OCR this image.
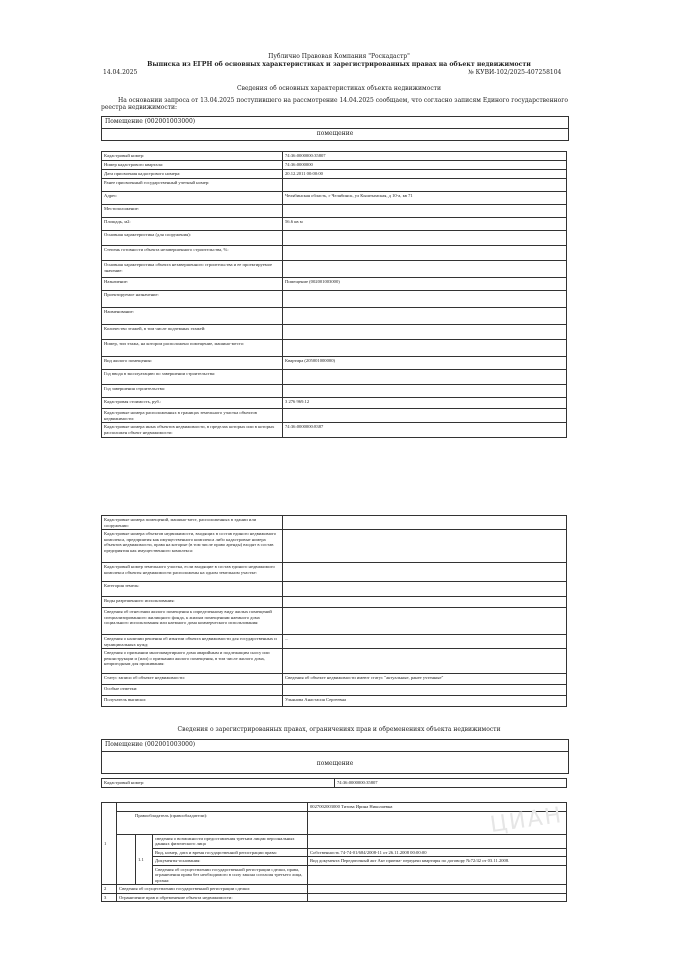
Публично Правовая Компания "Роскадастр"
Выписка из ЕГРН об основных характеристиках и зарегистрированных правах на объект недвижимости
14.04.2025	№ КУВИ-102/2025-407258104
Сведения об основных характеристиках объекта недвижимости
На основании запроса от 13.04.2025 поступившего на рассмотрение 14.04.2025 сообщаем, что согласно записям Единого государственного
реестра недвижимости:
Помещение (002001003000)
помещение
Кадастровый номер:	74:36:0000000:35807
Номер кадастрового квартала:	74:36:0000000
Дата присвоения кадастрового номера:	20.12.2011 00:00:00
Ранее присвоенный государственный учетный номер:	
Адрес:	Челябинская область, г Челябинск, ул Кыштымская, д 10-а, кв 71
Местоположение:	
Площадь, м2:	56.6 кв м
Основная характеристика (для сооружения):	
Степень готовности объекта незавершенного строительства, %:	
Основная характеристика объекта незавершенного строительства и ее проектируемое значение:	
Назначение:	Помещение (002001003000)
Проектируемое назначение:	
Наименование:	
Количество этажей, в том числе подземных этажей:	
Номер, тип этажа, на котором расположено помещение, машино-место:	
Вид жилого помещения:	Квартира (205001000000)
Год ввода в эксплуатацию по завершении строительства:	
Год завершения строительства:	
Кадастровая стоимость, руб.:	3 276 969.12
Кадастровые номера расположенных в границах земельного участка объектов недвижимости:	
Кадастровые номера иных объектов недвижимости, в пределах которых или в которых расположен объект недвижимости:	74:36:0000000:8387
Кадастровые номера помещений, машино-мест, расположенных в здании или сооружении:	
Кадастровые номера объектов недвижимости, входящих в состав единого недвижимого комплекса, предприятия как имущественного комплекса либо кадастровые номера объектов недвижимости, права на которые (в том числе право аренды) входят в состав предприятия как имущественного комплекса:	
Кадастровый номер земельного участка, если входящие в состав единого недвижимого комплекса объекты недвижимости расположены на одном земельном участке:	
Категория земель:	
Виды разрешенного использования:	
Сведения об отнесении жилого помещения к определенному виду жилых помещений специализированного жилищного фонда, к жилым помещениям наемного дома социального использования или наемного дома коммерческого использования:	
Сведения о наличии решения об изъятии объекта недвижимости для государственных и муниципальных нужд:	...
Сведения о признании многоквартирного дома аварийным и подлежащим сносу или реконструкции и (или) о признании жилого помещения, в том числе жилого дома, непригодным для проживания:	
Статус записи об объекте недвижимости:	Сведения об объекте недвижимости имеют статус "актуальные, ранее учтенные"
Особые отметки:	
Получатель выписки:	Ульянова Анастасия Сергеевна
Сведения о зарегистрированных правах, ограничениях прав и обременениях объекта недвижимости
Помещение (002001003000)
помещение
Кадастровый номер:	74:36:0000000:35807
1				0027002003000 Титова Ирина Николаевна
	Правообладатель (правообладатели):			
		1.1	сведения о возможности предоставления третьим лицам персональных данных физического лица	
			Вид, номер, дата и время государственной регистрации права:	Собственность 74-74-01/684/2008-11 от 26.11.2008 00:00:00
			Документы-основания:	Вид документа Передаточный акт Акт приема- передачи квартиры по договору №72/42 от 03.11.2008.
			Сведения об осуществлении государственной регистрации сделки, права, ограничения права без необходимого в силу закона согласия третьего лица, органа:	
2	Сведения об осуществлении государственной регистрации сделки:			
3	Ограничение прав и обременение объекта недвижимости:			
ЦИАН
